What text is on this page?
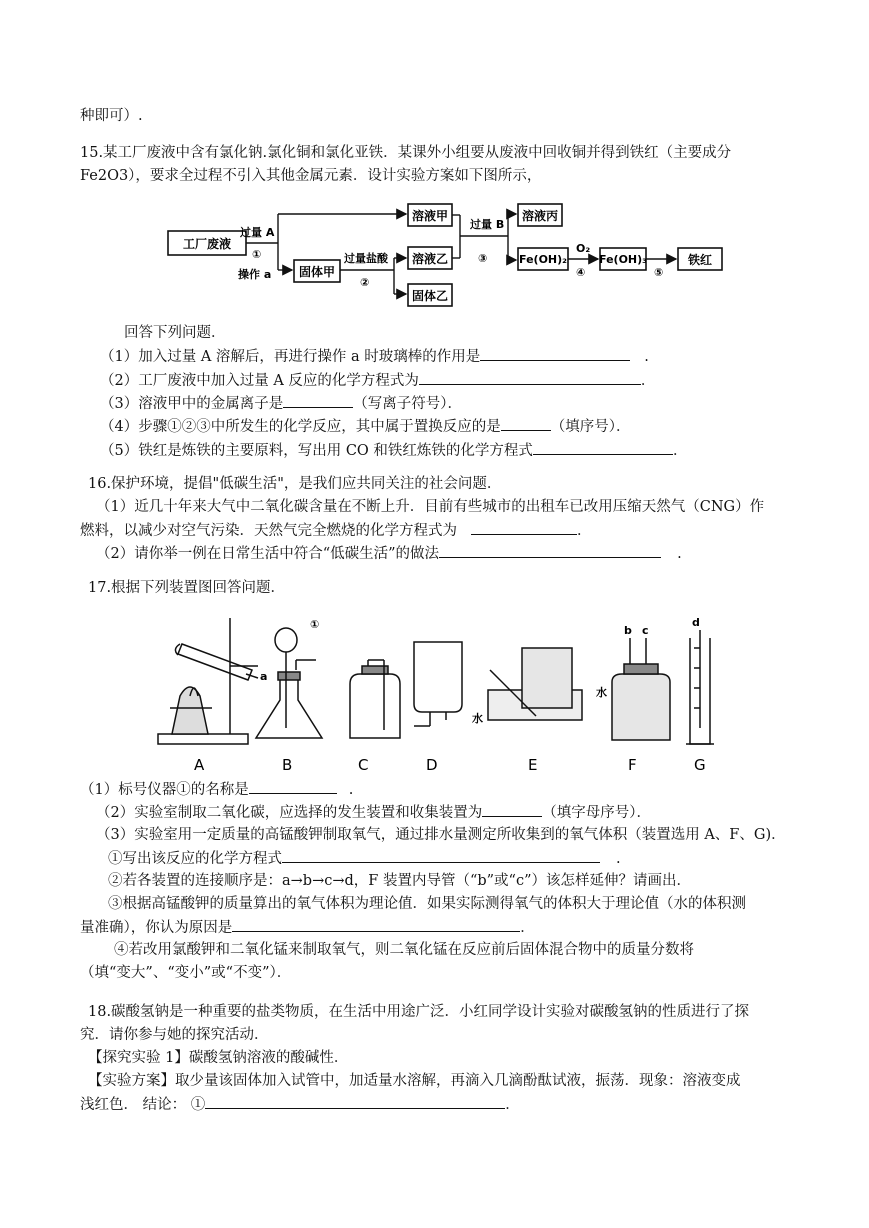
种即可）.
15.某工厂废液中含有氯化钠.氯化铜和氯化亚铁．某课外小组要从废液中回收铜并得到铁红（主要成分
Fe2O3），要求全过程不引入其他金属元素．设计实验方案如下图所示，
工厂废液
过量 A
①
操作 a 固体甲
过量盐酸
②
溶液甲
溶液乙
固体乙
过量 B
③
溶液丙
Fe(OH)₂
O₂
④
Fe(OH)₃
⑤
铁红
回答下列问题．
（1）加入过量 A 溶解后，再进行操作 a 时玻璃棒的作用是	.
（2）工厂废液中加入过量 A 反应的化学方程式为	．
（3）溶液甲中的金属离子是	（写离子符号）．
（4）步骤①②③中所发生的化学反应，其中属于置换反应的是	（填序号）．
（5）铁红是炼铁的主要原料，写出用 CO 和铁红炼铁的化学方程式	．
16.保护环境，提倡"低碳生活"，是我们应共同关注的社会问题．
（1）近几十年来大气中二氧化碳含量在不断上升．目前有些城市的出租车已改用压缩天然气（CNG）作
燃料，以减少对空气污染．天然气完全燃烧的化学方程式为	．
（2）请你举一例在日常生活中符合“低碳生活”的做法	.
17.根据下列装置图回答问题．
a
①	b c
d
水
水
A	B	C	D	E	F	G
（1）标号仪器①的名称是	.
（2）实验室制取二氧化碳，应选择的发生装置和收集装置为	（填字母序号）．
（3）实验室用一定质量的高锰酸钾制取氧气，通过排水量测定所收集到的氧气体积（装置选用 A、F、G)．
①写出该反应的化学方程式	.
②若各装置的连接顺序是：a→b→c→d，F 装置内导管（“b”或“c”）该怎样延伸？请画出．
③根据高锰酸钾的质量算出的氧气体积为理论值．如果实际测得氧气的体积大于理论值（水的体积测
量准确），你认为原因是	．
④若改用氯酸钾和二氧化锰来制取氧气，则二氧化锰在反应前后固体混合物中的质量分数将
（填“变大”、“变小”或“不变”）．
18.碳酸氢钠是一种重要的盐类物质，在生活中用途广泛．小红同学设计实验对碳酸氢钠的性质进行了探
究．请你参与她的探究活动．
【探究实验 1】碳酸氢钠溶液的酸碱性．
【实验方案】取少量该固体加入试管中，加适量水溶解，再滴入几滴酚酞试液，振荡．现象：溶液变成
浅红色． 结论： ①	．
